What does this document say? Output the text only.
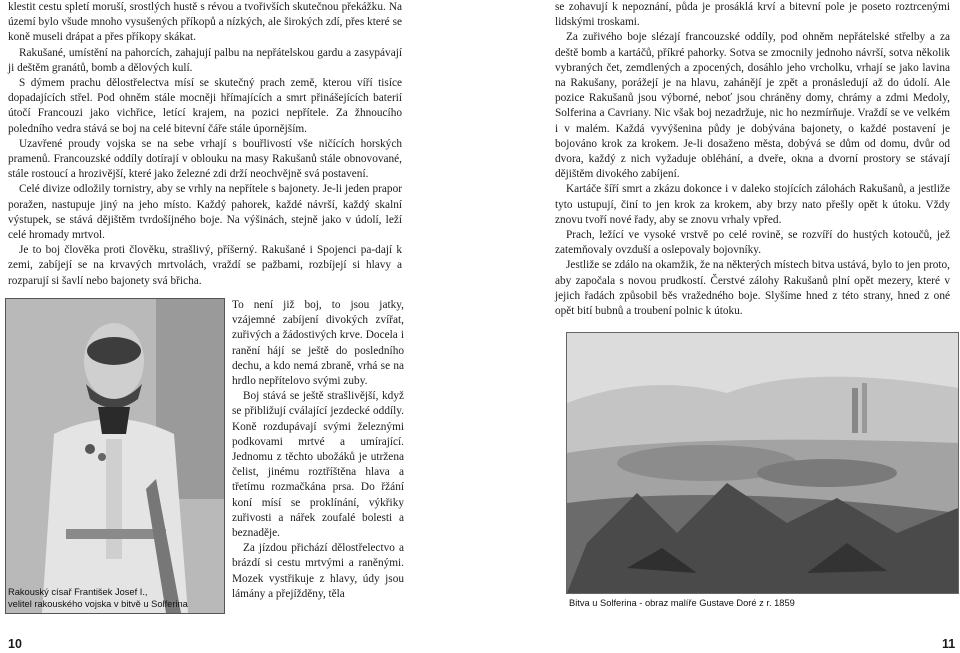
klestit cestu spletí moruší, srostlých hustě s révou a tvořivších skutečnou překážku. Na území bylo všude mnoho vysušených příkopů a nízkých, ale širokých zdí, přes které se koně museli drápat a přes příkopy skákat.

Rakušané, umístění na pahorcích, zahajují palbu na nepřátelskou gardu a zasypávají ji deštěm granátů, bomb a dělových kulí.

S dýmem prachu dělostřelectva mísí se skutečný prach země, kterou víří tisíce dopadajících střel. Pod ohněm stále mocněji hřímajících a smrt přinášejících baterií útočí Francouzi jako vichřice, letící krajem, na pozici nepřítele. Za žhnoucího poledního vedra stává se boj na celé bitevní čáře stále úpornějším.

Uzavřené proudy vojska se na sebe vrhají s bouřlivostí vše ničících horských pramenů. Francouzské oddíly dotírají v oblouku na masy Rakušanů stále obnovované, stále rostoucí a hrozivější, které jako železné zdi drží neochvějně svá postavení.

Celé divize odložily tornistry, aby se vrhly na nepřítele s bajonety. Je-li jeden prapor poražen, nastupuje jiný na jeho místo. Každý pahorek, každé návrší, každý skalní výstupek, se stává dějištěm tvrdošíjného boje. Na výšinách, stejně jako v údolí, leží celé hromady mrtvol.

Je to boj člověka proti člověku, strašlivý, příšerný. Rakušané i Spojenci pa-dají k zemi, zabíjejí se na krvavých mrtvolách, vraždí se pažbami, rozbíjejí si hlavy a rozparují si šavlí nebo bajonety svá břicha.

Rakouský císař František Josef I.,
velitel rakouského vojska v bitvě u Solferina

To není již boj, to jsou jatky, vzájemné zabíjení divokých zvířat, zuřivých a žádostivých krve. Docela i ranění hájí se ještě do posledního dechu, a kdo nemá zbraně, vrhá se na hrdlo nepřítelovo svými zuby.

Boj stává se ještě strašlivější, když se přibližují cválající jezdecké oddíly. Koně rozdupávají svými železnými podkovami mrtvé a umírající. Jednomu z těchto ubožáků je utržena čelist, jinému roztříštěna hlava a třetímu rozmačkána prsa. Do řžání koní mísí se proklínání, výkřiky zuřivosti a nářek zoufalé bolesti a beznaděje.

Za jízdou přichází dělostřelectvo a brázdí si cestu mrtvými a raněnými. Mozek vystřikuje z hlavy, údy jsou lámány a přejížděny, těla

10

se zohavují k nepoznání, půda je prosáklá krví a bitevní pole je poseto roztrcenými lidskými troskami.

Za zuřivého boje slézají francouzské oddíly, pod ohněm nepřátelské střelby a za deště bomb a kartáčů, příkré pahorky. Sotva se zmocnily jednoho návrší, sotva několik vybraných čet, zemdlených a zpocených, dosáhlo jeho vrcholku, vrhají se jako lavina na Rakušany, porážejí je na hlavu, zahánějí je zpět a pronásledují až do údolí. Ale pozice Rakušanů jsou výborné, neboť jsou chráněny domy, chrámy a zdmi Medoly, Solferina a Cavriany. Nic však boj nezadržuje, nic ho nezmírňuje. Vraždí se ve velkém i v malém. Každá vyvýšenina půdy je dobývána bajonety, o každé postavení je bojováno krok za krokem. Je-li dosaženo města, dobývá se dům od domu, dvůr od dvora, každý z nich vyžaduje obléhání, a dveře, okna a dvorní prostory se stávají dějištěm divokého zabíjení.

Kartáče šíří smrt a zkázu dokonce i v daleko stojících zálohách Rakušanů, a jestliže tyto ustupují, činí to jen krok za krokem, aby brzy nato přešly opět k útoku. Vždy znovu tvoří nové řady, aby se znovu vrhaly vpřed.

Prach, ležící ve vysoké vrstvě po celé rovině, se rozvíří do hustých kotoučů, jež zatemňovaly ovzduší a oslepovaly bojovníky.

Jestliže se zdálo na okamžik, že na některých místech bitva ustává, bylo to jen proto, aby započala s novou prudkostí. Čerstvé zálohy Rakušanů plní opět mezery, které v jejich řadách způsobil běs vražedného boje. Slyšíme hned z této strany, hned z oné opět bití bubnů a troubení polnic k útoku.

Bitva u Solferina - obraz malíře Gustave Doré z r. 1859
11
